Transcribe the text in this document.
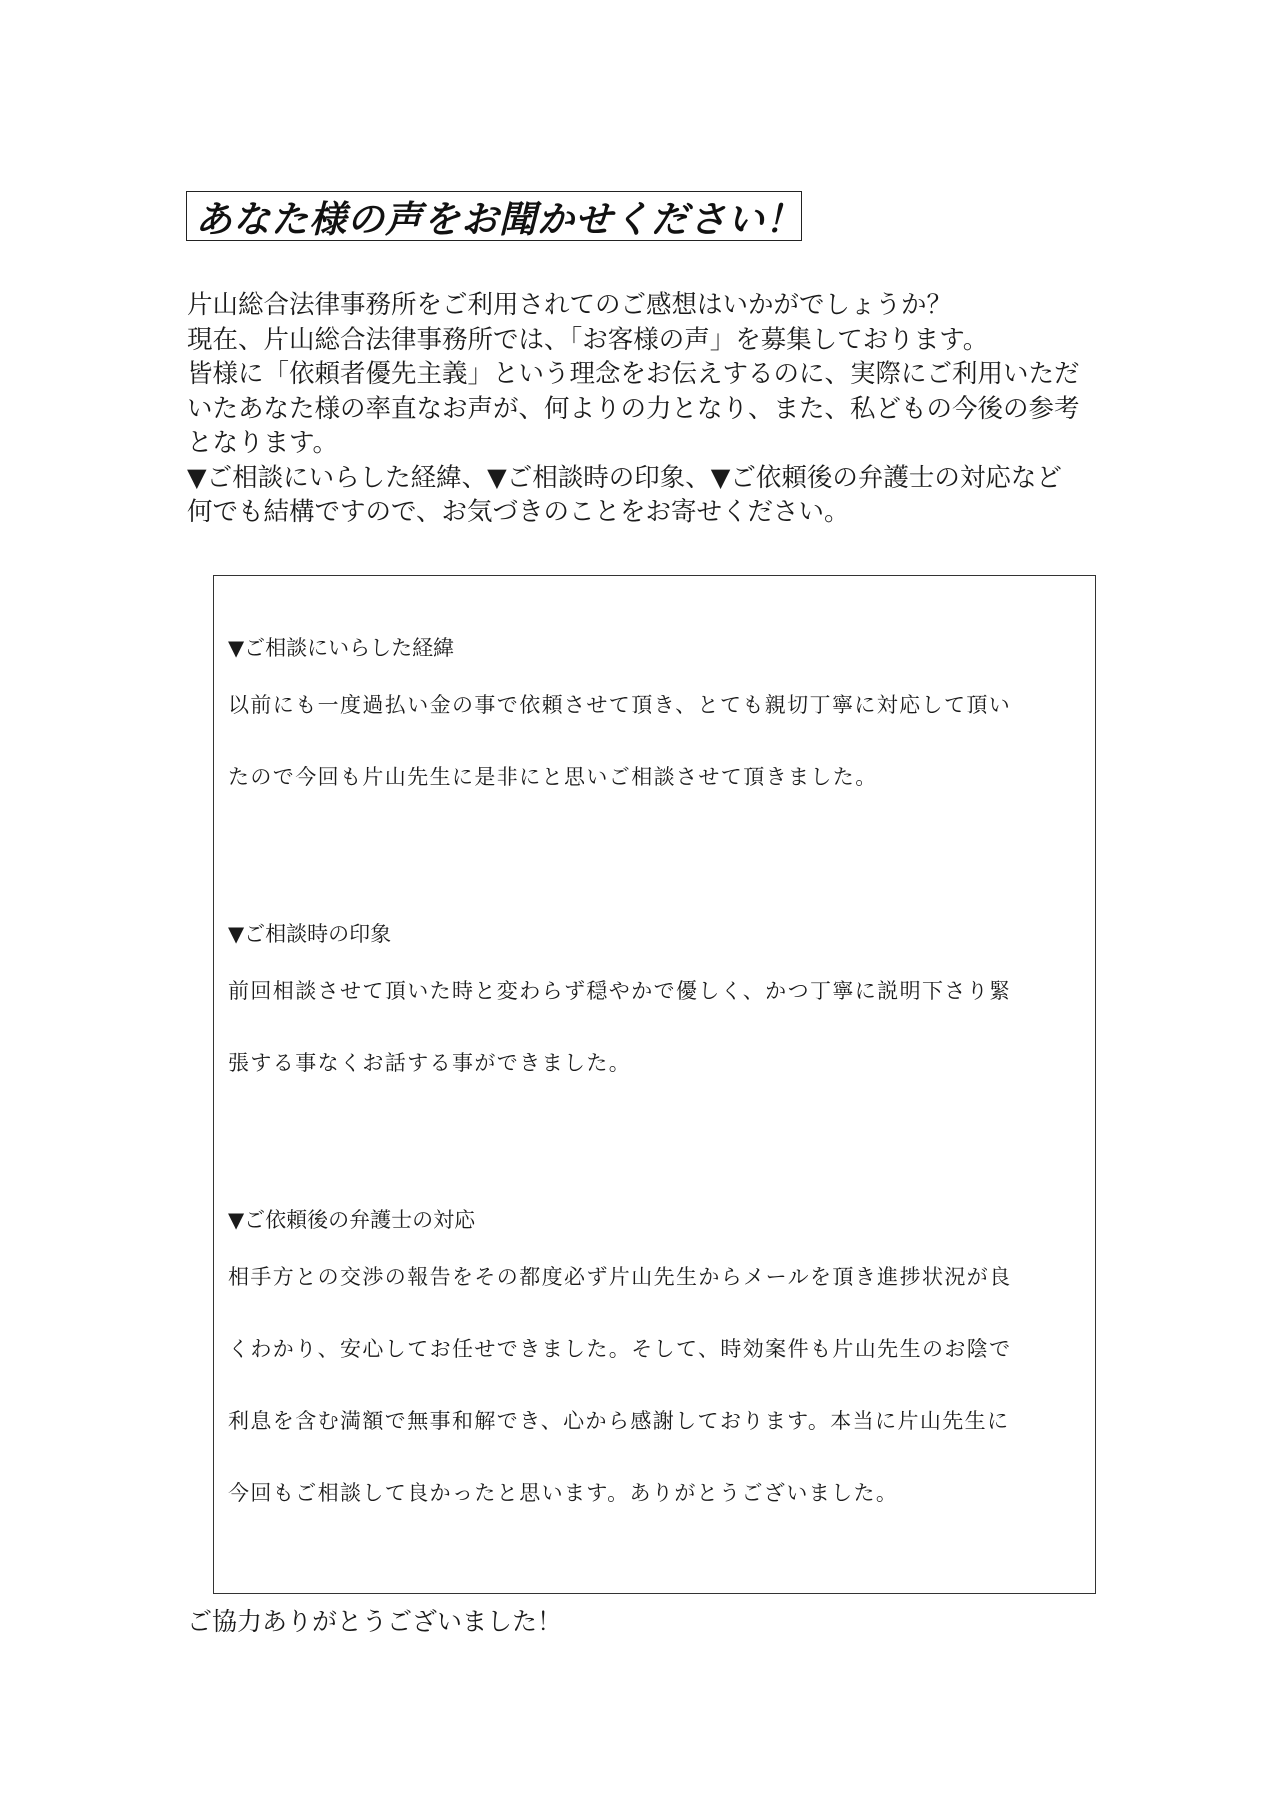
あなた様の声をお聞かせください！

片山総合法律事務所をご利用されてのご感想はいかがでしょうか？

現在、片山総合法律事務所では、「お客様の声」を募集しております。

皆様に「依頼者優先主義」という理念をお伝えするのに、実際にご利用いただ

いたあなた様の率直なお声が、何よりの力となり、また、私どもの今後の参考

となります。

▼ご相談にいらした経緯、▼ご相談時の印象、▼ご依頼後の弁護士の対応など

何でも結構ですので、お気づきのことをお寄せください。

▼ご相談にいらした経緯

以前にも一度過払い金の事で依頼させて頂き、とても親切丁寧に対応して頂い

たので今回も片山先生に是非にと思いご相談させて頂きました。

▼ご相談時の印象

前回相談させて頂いた時と変わらず穏やかで優しく、かつ丁寧に説明下さり緊

張する事なくお話する事ができました。

▼ご依頼後の弁護士の対応

相手方との交渉の報告をその都度必ず片山先生からメールを頂き進捗状況が良

くわかり、安心してお任せできました。そして、時効案件も片山先生のお陰で

利息を含む満額で無事和解でき、心から感謝しております。本当に片山先生に

今回もご相談して良かったと思います。ありがとうございました。

ご協力ありがとうございました！
